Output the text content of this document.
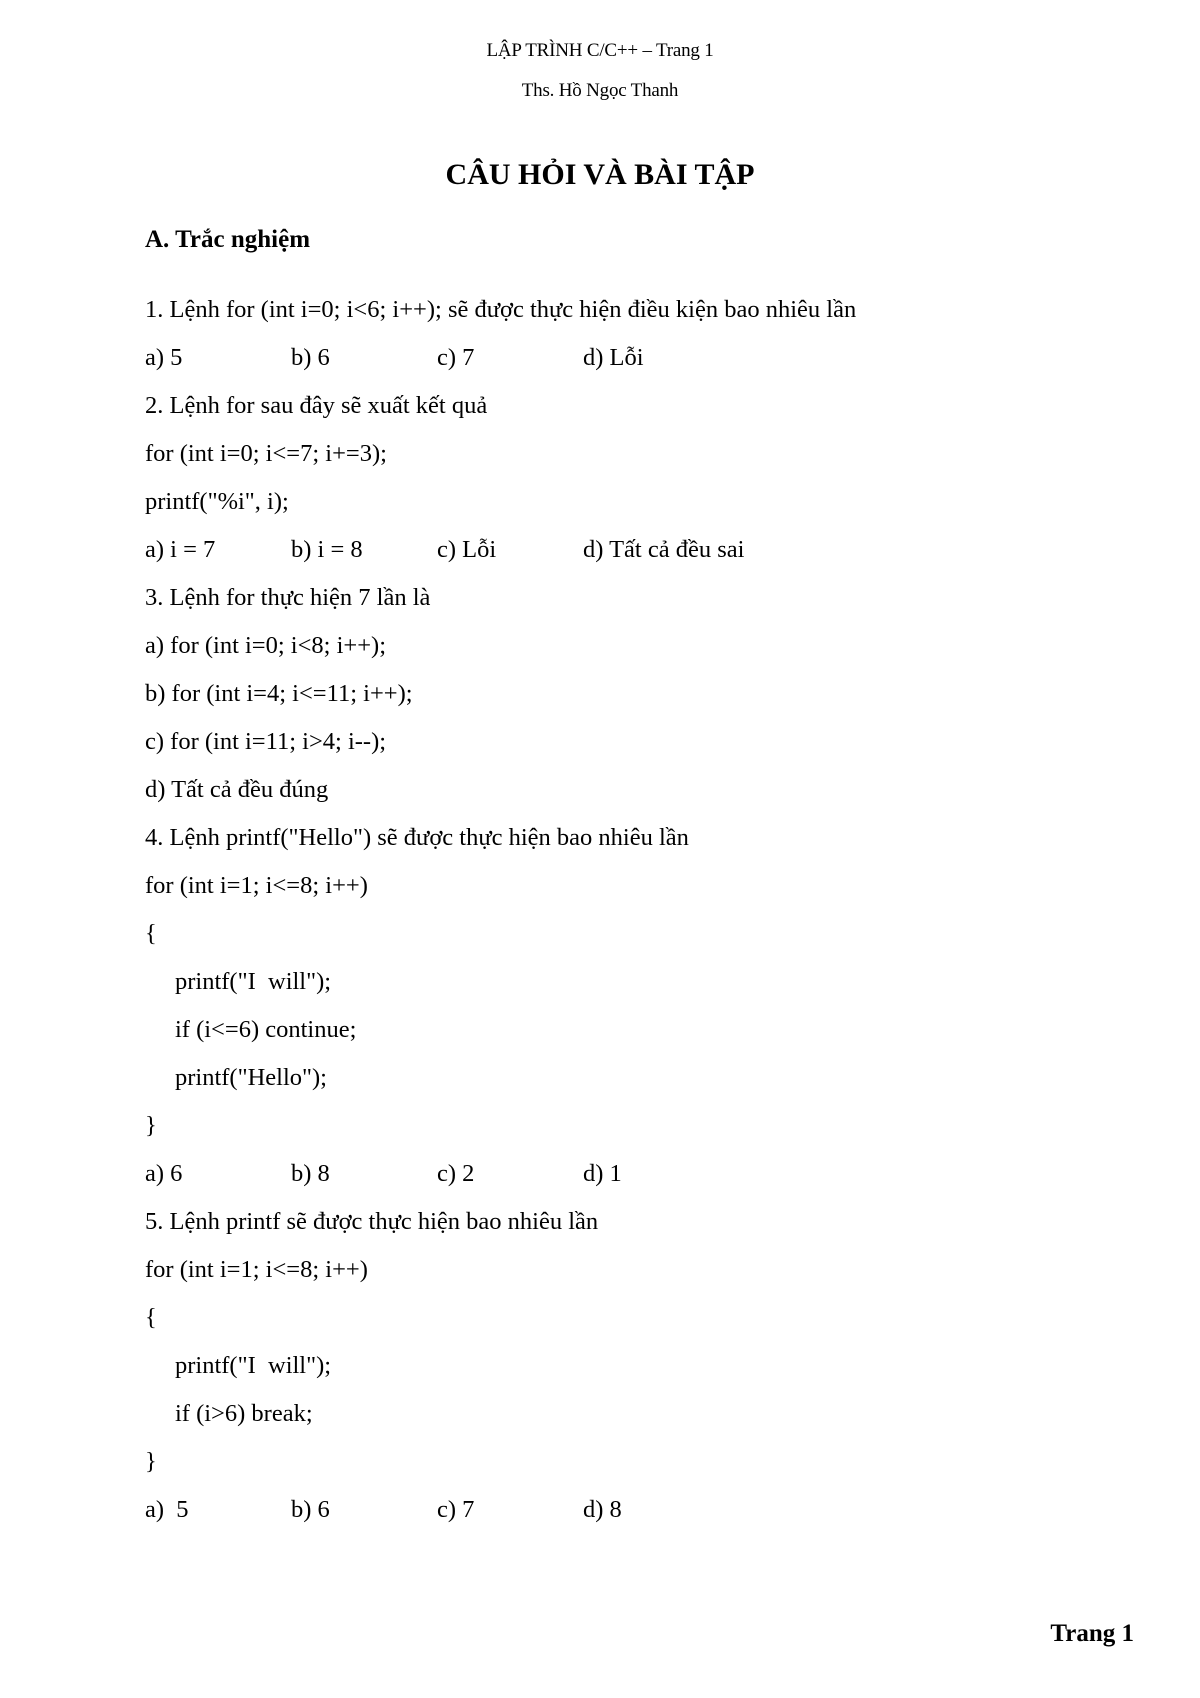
LẬP TRÌNH C/C++ – Trang 1
Ths. Hồ Ngọc Thanh
CÂU HỎI VÀ BÀI TẬP
A. Trắc nghiệm
1. Lệnh for (int i=0; i<6; i++); sẽ được thực hiện điều kiện bao nhiêu lần
a) 5	b) 6	c) 7	d) Lỗi
2. Lệnh for sau đây sẽ xuất kết quả
for (int i=0; i<=7; i+=3);
printf("%i", i);
a) i = 7	b) i = 8	c) Lỗi	d) Tất cả đều sai
3. Lệnh for thực hiện 7 lần là
a) for (int i=0; i<8; i++);
b) for (int i=4; i<=11; i++);
c) for (int i=11; i>4; i--);
d) Tất cả đều đúng
4. Lệnh printf("Hello") sẽ được thực hiện bao nhiêu lần
for (int i=1; i<=8; i++)
{
printf("I  will");
if (i<=6) continue;
printf("Hello");
}
a) 6	b) 8	c) 2	d) 1
5. Lệnh printf sẽ được thực hiện bao nhiêu lần
for (int i=1; i<=8; i++)
{
printf("I  will");
if (i>6) break;
}
a)  5	b) 6	c) 7	d) 8
Trang 1
